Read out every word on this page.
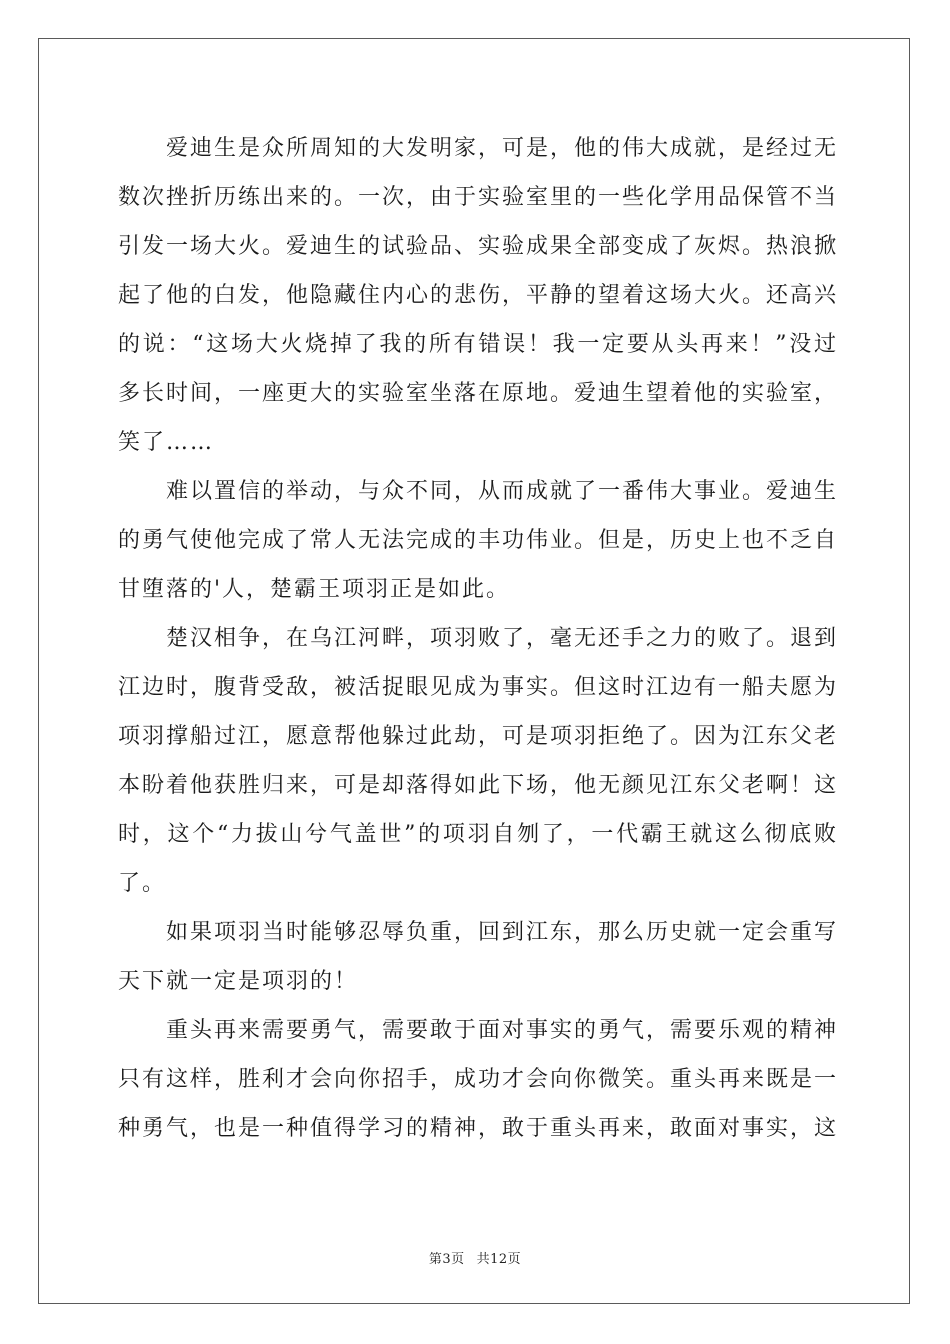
爱迪生是众所周知的大发明家，可是，他的伟大成就，是经过无数次挫折历练出来的。一次，由于实验室里的一些化学用品保管不当引发一场大火。爱迪生的试验品、实验成果全部变成了灰烬。热浪掀起了他的白发，他隐藏住内心的悲伤，平静的望着这场大火。还高兴的说：“这场大火烧掉了我的所有错误！我一定要从头再来！”没过多长时间，一座更大的实验室坐落在原地。爱迪生望着他的实验室，笑了……

难以置信的举动，与众不同，从而成就了一番伟大事业。爱迪生的勇气使他完成了常人无法完成的丰功伟业。但是，历史上也不乏自甘堕落的'人，楚霸王项羽正是如此。

楚汉相争，在乌江河畔，项羽败了，毫无还手之力的败了。退到江边时，腹背受敌，被活捉眼见成为事实。但这时江边有一船夫愿为项羽撑船过江，愿意帮他躲过此劫，可是项羽拒绝了。因为江东父老本盼着他获胜归来，可是却落得如此下场，他无颜见江东父老啊！这时，这个“力拔山兮气盖世”的项羽自刎了，一代霸王就这么彻底败了。

如果项羽当时能够忍辱负重，回到江东，那么历史就一定会重写天下就一定是项羽的！

重头再来需要勇气，需要敢于面对事实的勇气，需要乐观的精神只有这样，胜利才会向你招手，成功才会向你微笑。重头再来既是一种勇气，也是一种值得学习的精神，敢于重头再来，敢面对事实，这

第3页 共12页
